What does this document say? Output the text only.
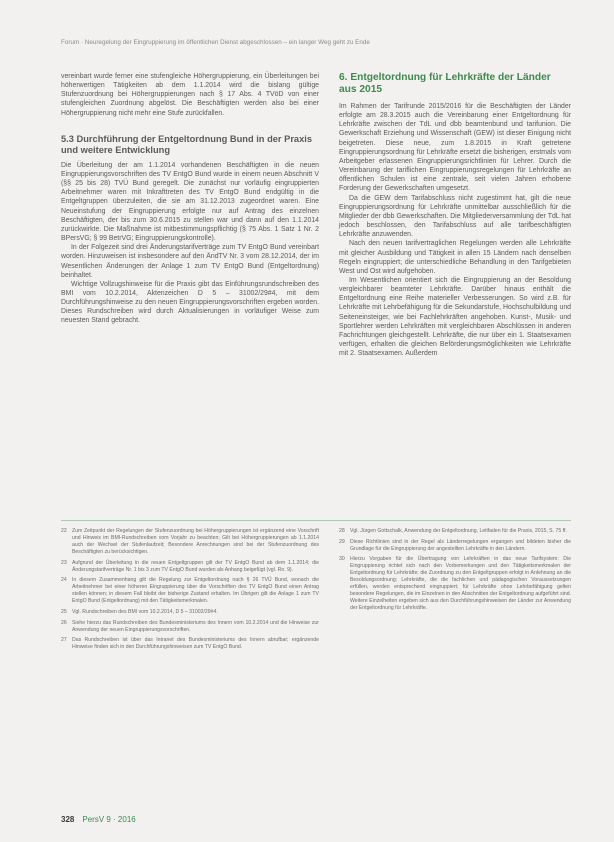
Forum · Neuregelung der Eingruppierung im öffentlichen Dienst abgeschlossen – ein langer Weg geht zu Ende

vereinbart wurde ferner eine stufengleiche Höhergruppierung, ein Überleitungen bei höherwertigen Tätigkeiten ab dem 1.1.2014 wird die bislang gültige Stufenzuordnung bei Höhergruppierungen nach § 17 Abs. 4 TVöD von einer stufengleichen Zuordnung abgelöst. Die Beschäftigten werden also bei einer Höhergruppierung nicht mehr eine Stufe zurückfallen.

5.3 Durchführung der Entgeltordnung Bund in der Praxis und weitere Entwicklung

Die Überleitung der am 1.1.2014 vorhandenen Beschäftigten in die neuen Eingruppierungsvorschriften des TV EntgO Bund wurde in einem neuen Abschnitt V (§§ 25 bis 28) TVÜ Bund geregelt. Die zunächst nur vorläufig eingruppierten Arbeitnehmer waren mit Inkrafttreten des TV EntgO Bund endgültig in die Entgeltgruppen überzuleiten, die sie am 31.12.2013 zugeordnet waren. Eine Neueinstufung der Eingruppierung erfolgte nur auf Antrag des einzelnen Beschäftigten, der bis zum 30.6.2015 zu stellen war und dann auf den 1.1.2014 zurückwirkte. Die Maßnahme ist mitbestimmungspflichtig (§ 75 Abs. 1 Satz 1 Nr. 2 BPersVG; § 99 BetrVG; Eingruppierungskontrolle).

In der Folgezeit sind drei Änderungstarifverträge zum TV EntgO Bund vereinbart worden. Hinzuweisen ist insbesondere auf den ÄndTV Nr. 3 vom 28.12.2014, der im Wesentlichen Änderungen der Anlage 1 zum TV EntgO Bund (Entgeltordnung) beinhaltet.

Wichtige Vollzugshinweise für die Praxis gibt das Einführungsrundschreiben des BMI vom 10.2.2014, Aktenzeichen D 5 – 31002/29#4, mit dem Durchführungshinweise zu den neuen Eingruppierungsvorschriften ergeben worden. Dieses Rundschreiben wird durch Aktualisierungen in vorläufiger Weise zum neuesten Stand gebracht.

6. Entgeltordnung für Lehrkräfte der Länder aus 2015

Im Rahmen der Tarifrunde 2015/2016 für die Beschäftigten der Länder erfolgte am 28.3.2015 auch die Vereinbarung einer Entgeltordnung für Lehrkräfte zwischen der TdL und dbb beamtenbund und tarifunion. Die Gewerkschaft Erziehung und Wissenschaft (GEW) ist dieser Einigung nicht beigetreten. Diese neue, zum 1.8.2015 in Kraft getretene Eingruppierungsordnung für Lehrkräfte ersetzt die bisherigen, erstmals vom Arbeitgeber erlassenen Eingruppierungsrichtlinien für Lehrer. Durch die Vereinbarung der tariflichen Eingruppierungsregelungen für Lehrkräfte an öffentlichen Schulen ist eine zentrale, seit vielen Jahren erhobene Forderung der Gewerkschaften umgesetzt.

Da die GEW dem Tarifabschluss nicht zugestimmt hat, gilt die neue Eingruppierungsordnung für Lehrkräfte unmittelbar ausschließlich für die Mitglieder der dbb Gewerkschaften. Die Mitgliederversammlung der TdL hat jedoch beschlossen, den Tarifabschluss auf alle tarifbeschäftigten Lehrkräfte anzuwenden.

Nach den neuen tarifvertraglichen Regelungen werden alle Lehrkräfte mit gleicher Ausbildung und Tätigkeit in allen 15 Ländern nach denselben Regeln eingruppiert; die unterschiedliche Behandlung in den Tarifgebieten West und Ost wird aufgehoben.

Im Wesentlichen orientiert sich die Eingruppierung an der Besoldung vergleichbarer beamteter Lehrkräfte. Darüber hinaus enthält die Entgeltordnung eine Reihe materieller Verbesserungen. So wird z.B. für Lehrkräfte mit Lehrbefähigung für die Sekundarstufe, Hochschulbildung und Seiteneinsteiger, wie bei Fachlehrkräften angehoben. Kunst-, Musik- und Sportlehrer werden Lehrkräften mit vergleichbaren Abschlüssen in anderen Fachrichtungen gleichgestellt. Lehrkräfte, die nur über ein 1. Staatsexamen verfügen, erhalten die gleichen Beförderungsmöglichkeiten wie Lehrkräfte mit 2. Staatsexamen. Außerdem

22	Zum Zeitpunkt der Regelungen der Stufenzuordnung bei Höhergruppierungen ist ergänzend eine Vorschrift und Hinweis im BMI-Rundschreiben vom Vorjahr zu beachten; Gilt bei Höhergruppierungen ab 1.1.2014 auch der Wechsel der Stufenlaufzeit; Besondere Anrechnungen sind bei der Stufenzuordnung des Beschäftigten zu berücksichtigen.
23	Aufgrund der Überleitung in die neuen Entgeltgruppen gilt der TV EntgO Bund ab dem 1.1.2014; die Änderungstarifverträge Nr. 1 bis 3 zum TV EntgO Bund wurden als Anhang beigefügt (vgl. Rn. 9).
24	In diesem Zusammenhang gilt die Regelung zur Entgeltordnung nach § 26 TVÜ Bund, wonach die Arbeitnehmer bei einer höheren Eingruppierung über die Vorschriften des TV EntgO Bund einen Antrag stellen können; in diesem Fall bleibt der bisherige Zustand erhalten. Im Übrigen gilt die Anlage 1 zum TV EntgO Bund (Entgeltordnung) mit den Tätigkeitsmerkmalen.
25	Vgl. Rundschreiben des BMI vom 10.2.2014, D 5 – 31002/29#4.
26	Siehe hierzu das Rundschreiben des Bundesministeriums des Innern vom 10.2.2014 und die Hinweise zur Anwendung der neuen Eingruppierungsvorschriften.
27	Das Rundschreiben ist über das Intranet des Bundesministeriums des Innern abrufbar; ergänzende Hinweise finden sich in den Durchführungshinweisen zum TV EntgO Bund.
28	Vgl. Jürgen Gottschalk, Anwendung der Entgeltordnung, Leitfaden für die Praxis, 2015, S. 75 ff.
29	Diese Richtlinien sind in der Regel als Länderregelungen ergangen und bildeten bisher die Grundlage für die Eingruppierung der angestellten Lehrkräfte in den Ländern.
30	Hierzu Vorgaben für die Übertragung von Lehrkräften in das neue Tarifsystem: Die Eingruppierung richtet sich nach den Vorbemerkungen und den Tätigkeitsmerkmalen der Entgeltordnung für Lehrkräfte; die Zuordnung zu den Entgeltgruppen erfolgt in Anlehnung an die Besoldungsordnung; Lehrkräfte, die die fachlichen und pädagogischen Voraussetzungen erfüllen, werden entsprechend eingruppiert; für Lehrkräfte ohne Lehrbefähigung gelten besondere Regelungen, die im Einzelnen in den Abschnitten der Entgeltordnung aufgeführt sind. Weitere Einzelheiten ergeben sich aus den Durchführungshinweisen der Länder zur Anwendung der Entgeltordnung für Lehrkräfte.
328 PersV 9 · 2016
